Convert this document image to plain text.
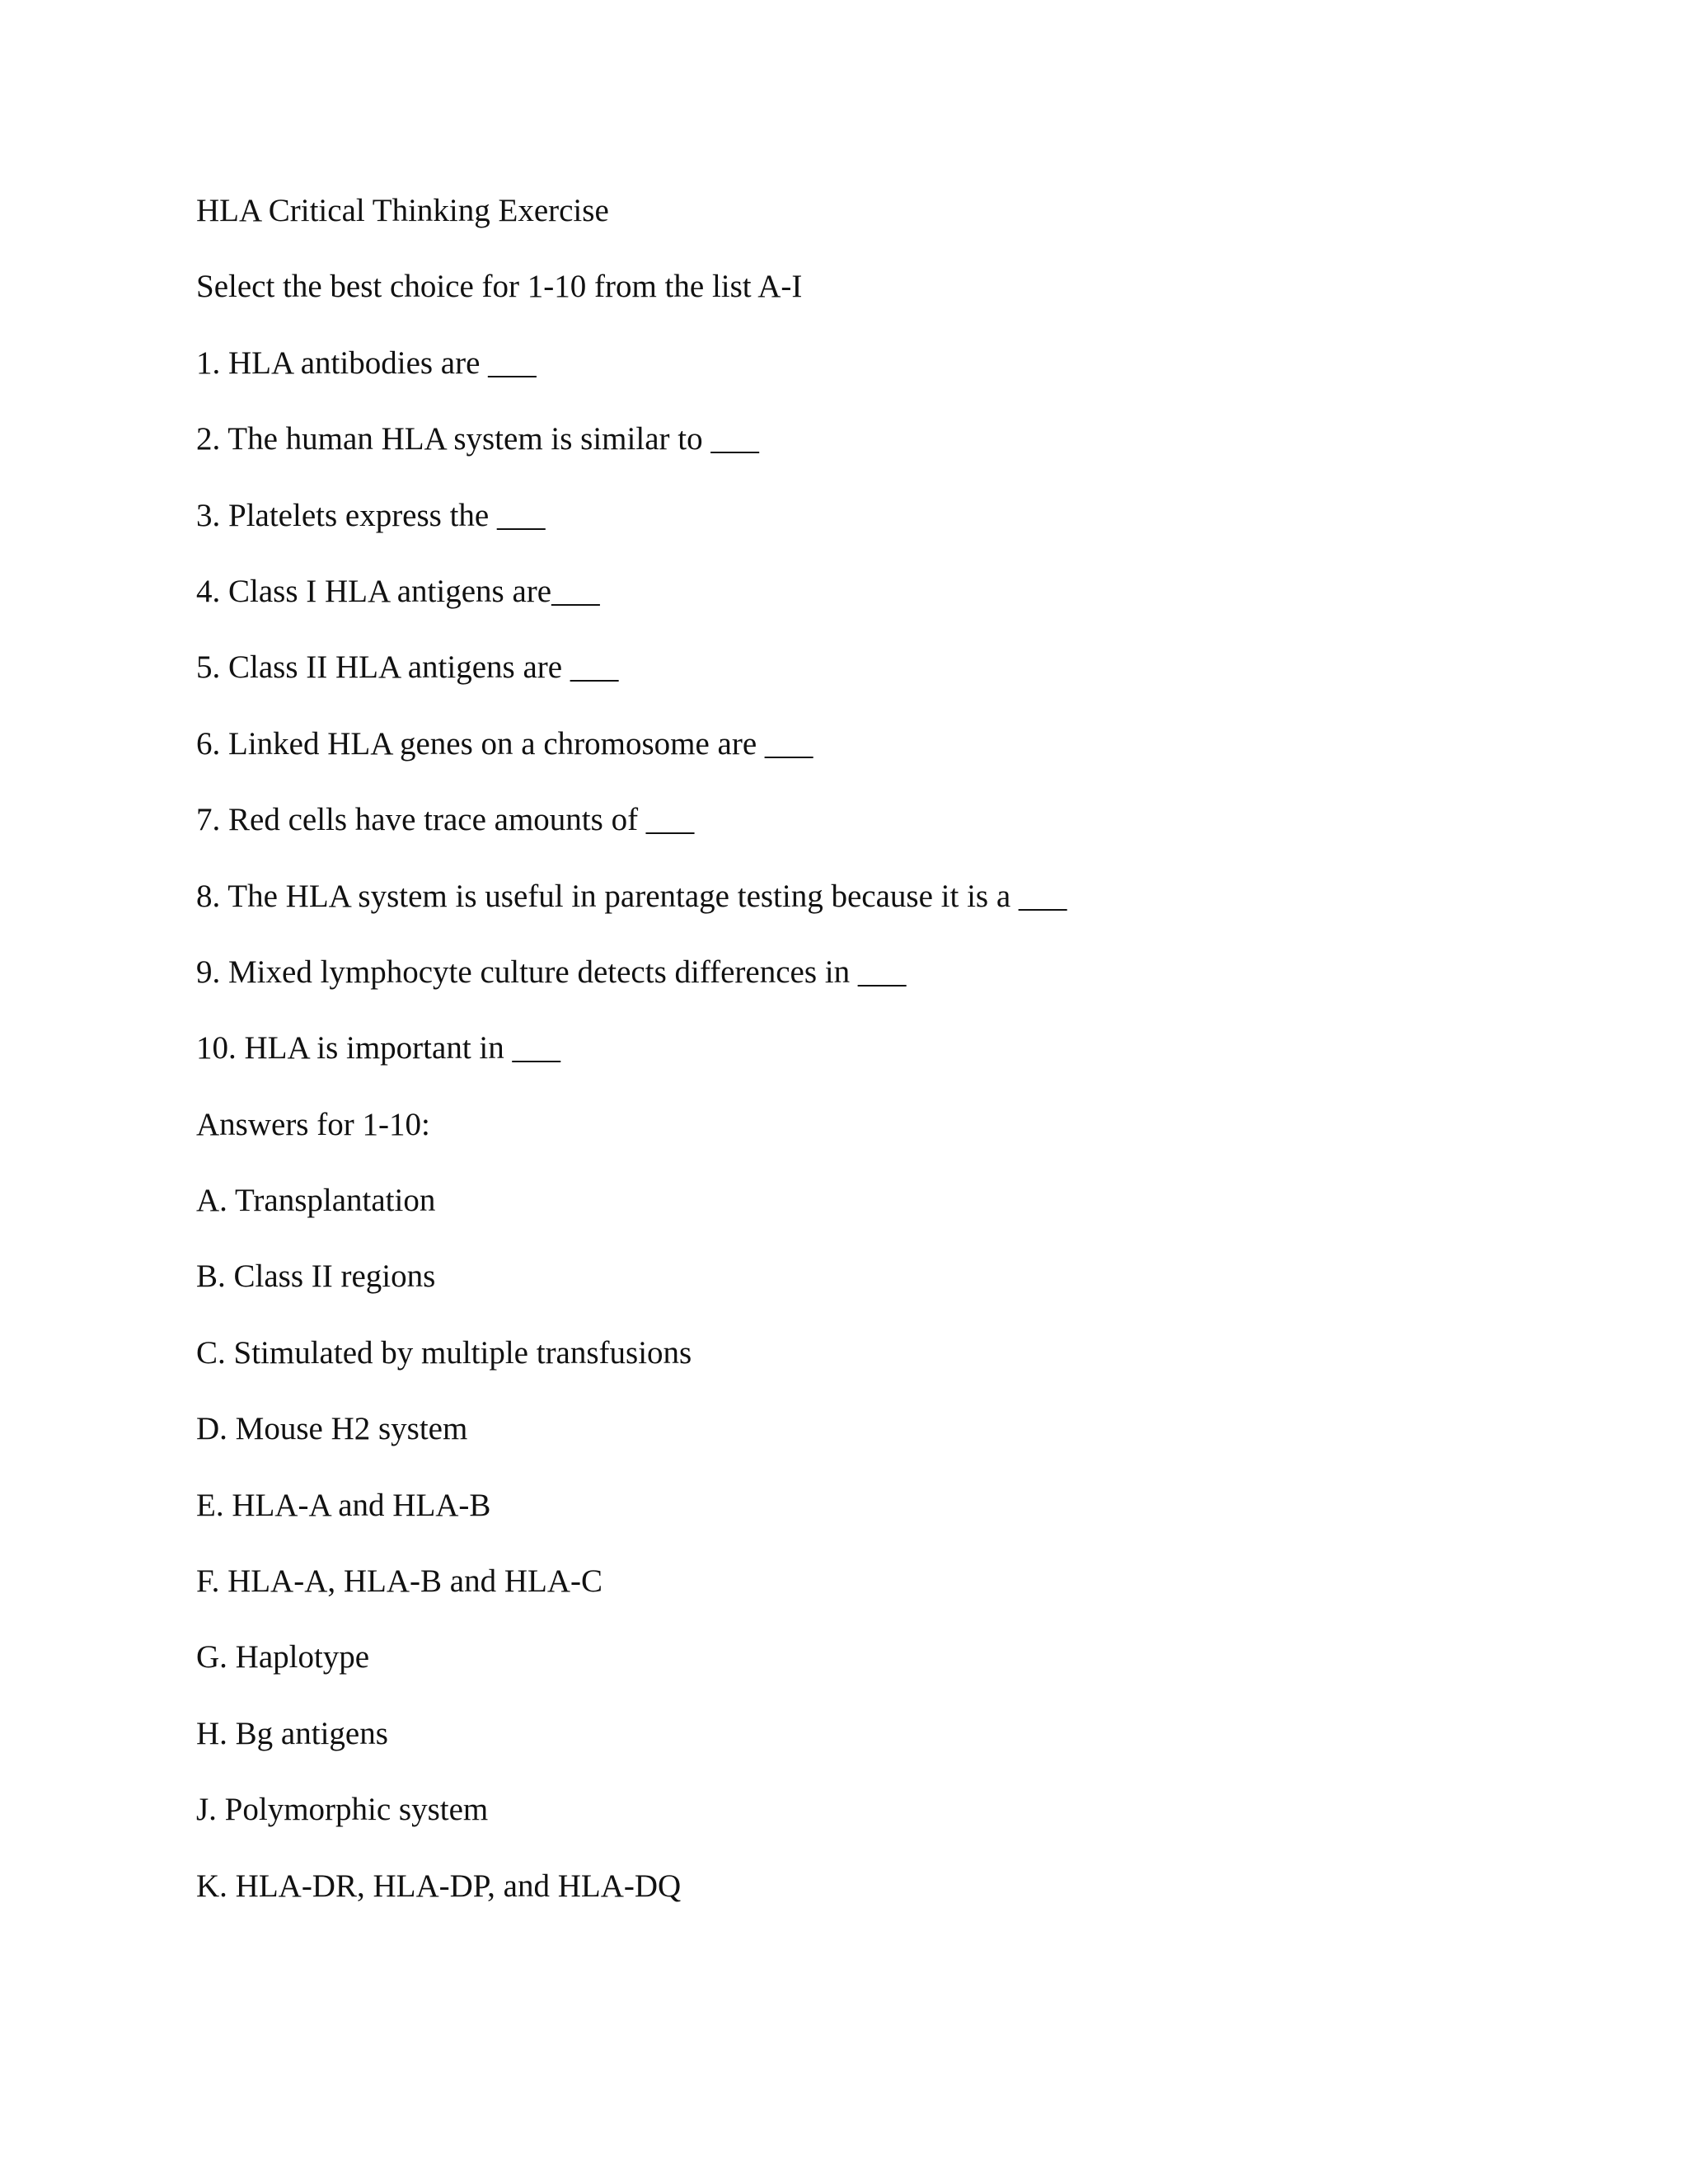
HLA Critical Thinking Exercise
Select the best choice for 1-10 from the list A-I
1. HLA antibodies are ___
2. The human HLA system is similar to ___
3. Platelets express the ___
4. Class I HLA antigens are___
5. Class II HLA antigens are ___
6. Linked HLA genes on a chromosome are ___
7. Red cells have trace amounts of ___
8. The HLA system is useful in parentage testing because it is a ___
9. Mixed lymphocyte culture detects differences in ___
10. HLA is important in ___
Answers for 1-10:
A. Transplantation
B. Class II regions
C. Stimulated by multiple transfusions
D. Mouse H2 system
E. HLA-A and HLA-B
F. HLA-A, HLA-B and HLA-C
G. Haplotype
H. Bg antigens
J. Polymorphic system
K. HLA-DR, HLA-DP, and HLA-DQ
